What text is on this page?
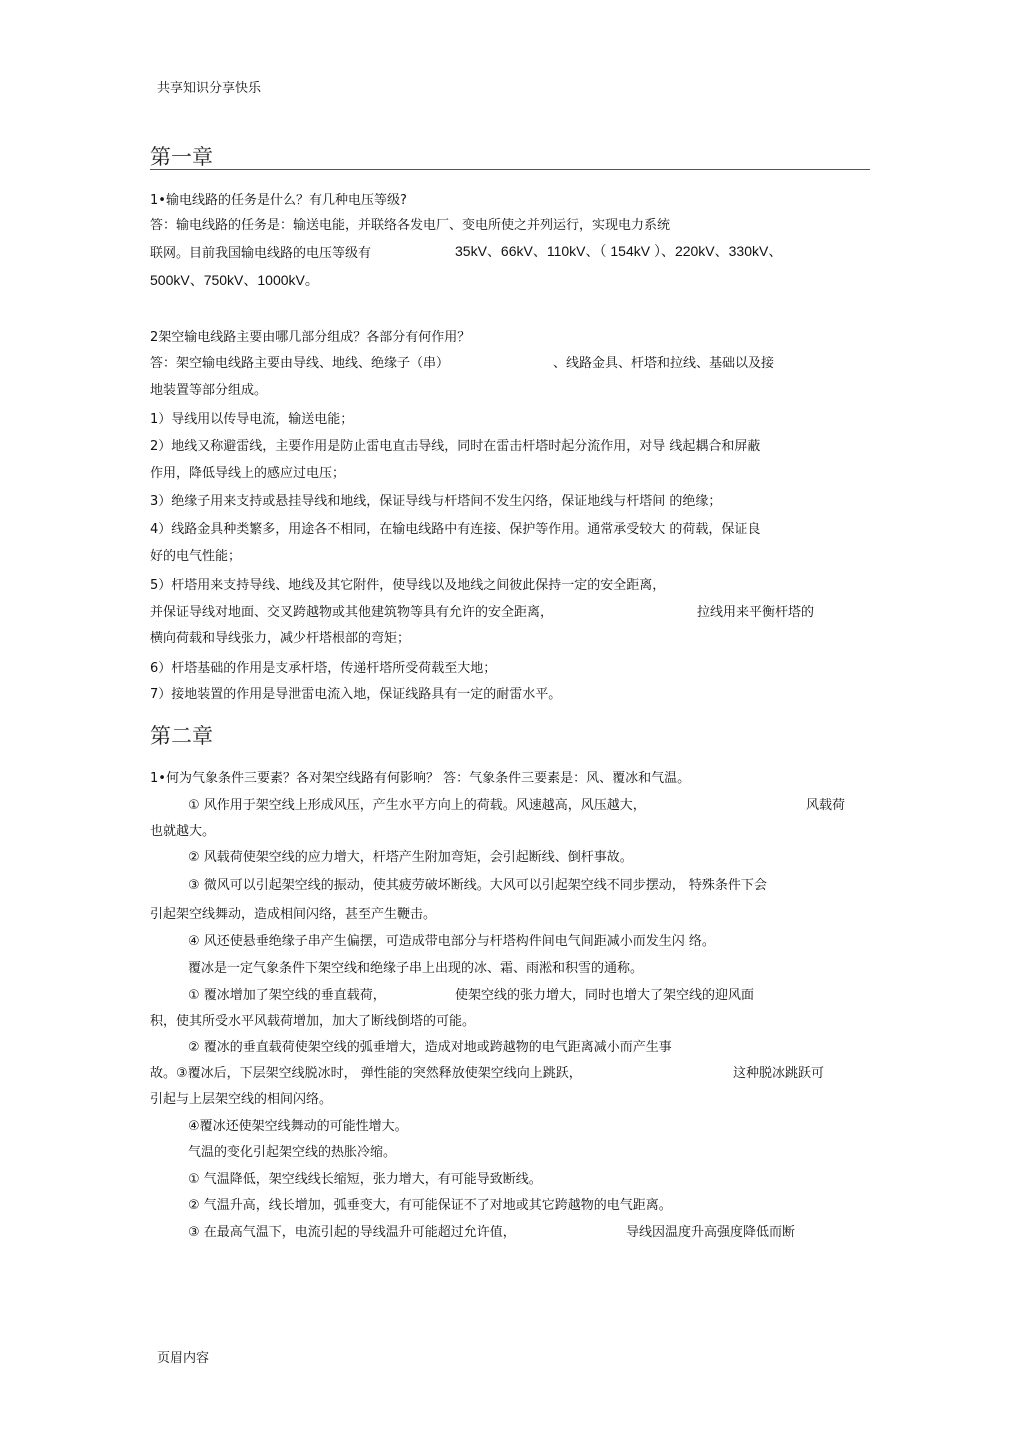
共享知识分享快乐
第一章
1•输电线路的任务是什么？有几种电压等级?
答：输电线路的任务是：输送电能，并联络各发电厂、变电所使之并列运行，实现电力系统
联网。目前我国输电线路的电压等级有	35kV、66kV、110kV、（ 154kV ）、220kV、330kV、
500kV、750kV、1000kV。
2架空输电线路主要由哪几部分组成？各部分有何作用？
答：架空输电线路主要由导线、地线、绝缘子（串）	、线路金具、杆塔和拉线、基础以及接
地装置等部分组成。
1）导线用以传导电流，输送电能；
2）地线又称避雷线，主要作用是防止雷电直击导线，同时在雷击杆塔时起分流作用，对导 线起耦合和屏蔽
作用，降低导线上的感应过电压；
3）绝缘子用来支持或悬挂导线和地线，保证导线与杆塔间不发生闪络，保证地线与杆塔间 的绝缘；
4）线路金具种类繁多，用途各不相同，在输电线路中有连接、保护等作用。通常承受较大 的荷载，保证良
好的电气性能；
5）杆塔用来支持导线、地线及其它附件，使导线以及地线之间彼此保持一定的安全距离，
并保证导线对地面、交叉跨越物或其他建筑物等具有允许的安全距离，	拉线用来平衡杆塔的
横向荷载和导线张力，减少杆塔根部的弯矩；
6）杆塔基础的作用是支承杆塔，传递杆塔所受荷载至大地；
7）接地装置的作用是导泄雷电流入地，保证线路具有一定的耐雷水平。
第二章
1•何为气象条件三要素？各对架空线路有何影响？ 答：气象条件三要素是：风、覆冰和气温。
① 风作用于架空线上形成风压，产生水平方向上的荷载。风速越高，风压越大，	风载荷
也就越大。
② 风载荷使架空线的应力增大，杆塔产生附加弯矩，会引起断线、倒杆事故。
③ 微风可以引起架空线的振动，使其疲劳破坏断线。大风可以引起架空线不同步摆动， 特殊条件下会
引起架空线舞动，造成相间闪络，甚至产生鞭击。
④ 风还使悬垂绝缘子串产生偏摆，可造成带电部分与杆塔构件间电气间距减小而发生闪 络。
覆冰是一定气象条件下架空线和绝缘子串上出现的冰、霜、雨淞和积雪的通称。
① 覆冰增加了架空线的垂直载荷，	使架空线的张力增大，同时也增大了架空线的迎风面
积，使其所受水平风载荷增加，加大了断线倒塔的可能。
② 覆冰的垂直载荷使架空线的弧垂增大，造成对地或跨越物的电气距离减小而产生事
故。③覆冰后，下层架空线脱冰时， 弹性能的突然释放使架空线向上跳跃，	这种脱冰跳跃可
引起与上层架空线的相间闪络。
④覆冰还使架空线舞动的可能性增大。
气温的变化引起架空线的热胀冷缩。
① 气温降低，架空线线长缩短，张力增大，有可能导致断线。
② 气温升高，线长增加，弧垂变大，有可能保证不了对地或其它跨越物的电气距离。
③ 在最高气温下，电流引起的导线温升可能超过允许值，	导线因温度升高强度降低而断
页眉内容
